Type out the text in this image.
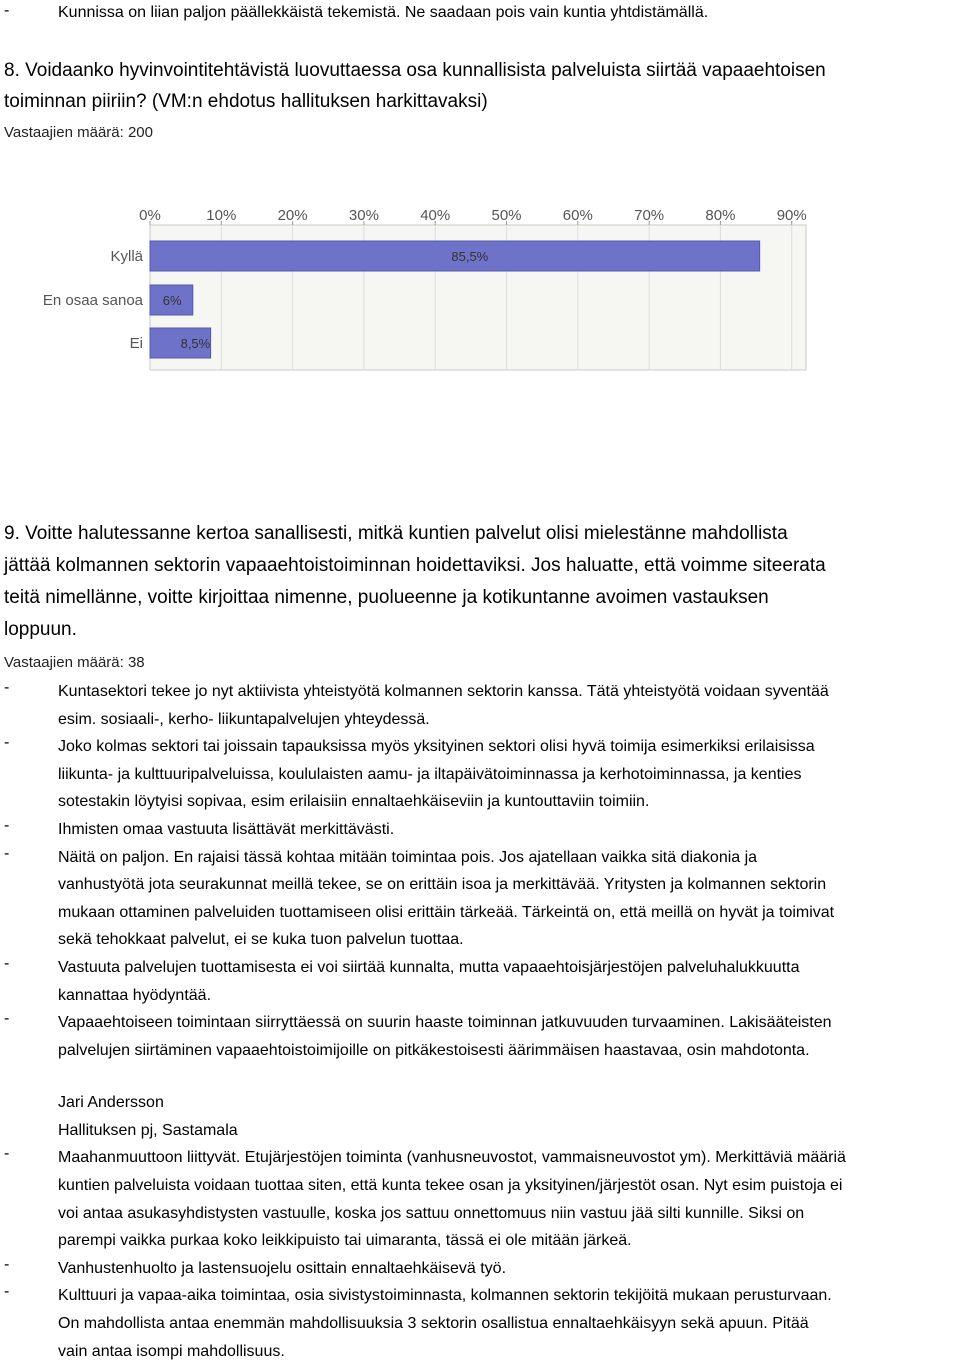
-	Kunnissa on liian paljon päällekkäistä tekemistä. Ne saadaan pois vain kuntia yhtdistämällä.
8. Voidaanko hyvinvointitehtävistä luovuttaessa osa kunnallisista palveluista siirtää vapaaehtoisen
toiminnan piiriin? (VM:n ehdotus hallituksen harkittavaksi)
Vastaajien määrä: 200
0%	10%	20%	30%	40%	50%	60%	70%	80%	90%
Kyllä	85,5%
En osaa sanoa 6%
Ei	8,5%
9. Voitte halutessanne kertoa sanallisesti, mitkä kuntien palvelut olisi mielestänne mahdollista
jättää kolmannen sektorin vapaaehtoistoiminnan hoidettaviksi. Jos haluatte, että voimme siteerata
teitä nimellänne, voitte kirjoittaa nimenne, puolueenne ja kotikuntanne avoimen vastauksen
loppuun.
Vastaajien määrä: 38
-	Kuntasektori tekee jo nyt aktiivista yhteistyötä kolmannen sektorin kanssa. Tätä yhteistyötä voidaan syventää
esim. sosiaali-, kerho- liikuntapalvelujen yhteydessä.
-	Joko kolmas sektori tai joissain tapauksissa myös yksityinen sektori olisi hyvä toimija esimerkiksi erilaisissa
liikunta- ja kulttuuripalveluissa, koululaisten aamu- ja iltapäivätoiminnassa ja kerhotoiminnassa, ja kenties
sotestakin löytyisi sopivaa, esim erilaisiin ennaltaehkäiseviin ja kuntouttaviin toimiin.
-	Ihmisten omaa vastuuta lisättävät merkittävästi.
-	Näitä on paljon. En rajaisi tässä kohtaa mitään toimintaa pois. Jos ajatellaan vaikka sitä diakonia ja
vanhustyötä jota seurakunnat meillä tekee, se on erittäin isoa ja merkittävää. Yritysten ja kolmannen sektorin
mukaan ottaminen palveluiden tuottamiseen olisi erittäin tärkeää. Tärkeintä on, että meillä on hyvät ja toimivat
sekä tehokkaat palvelut, ei se kuka tuon palvelun tuottaa.
-	Vastuuta palvelujen tuottamisesta ei voi siirtää kunnalta, mutta vapaaehtoisjärjestöjen palveluhalukkuutta
kannattaa hyödyntää.
-	Vapaaehtoiseen toimintaan siirryttäessä on suurin haaste toiminnan jatkuvuuden turvaaminen. Lakisääteisten
palvelujen siirtäminen vapaaehtoistoimijoille on pitkäkestoisesti äärimmäisen haastavaa, osin mahdotonta.
Jari Andersson
Hallituksen pj, Sastamala
-	Maahanmuuttoon liittyvät. Etujärjestöjen toiminta (vanhusneuvostot, vammaisneuvostot ym). Merkittäviä määriä
kuntien palveluista voidaan tuottaa siten, että kunta tekee osan ja yksityinen/järjestöt osan. Nyt esim puistoja ei
voi antaa asukasyhdistysten vastuulle, koska jos sattuu onnettomuus niin vastuu jää silti kunnille. Siksi on
parempi vaikka purkaa koko leikkipuisto tai uimaranta, tässä ei ole mitään järkeä.
-	Vanhustenhuolto ja lastensuojelu osittain ennaltaehkäisevä työ.
-	Kulttuuri ja vapaa-aika toimintaa, osia sivistystoiminnasta, kolmannen sektorin tekijöitä mukaan perusturvaan.
On mahdollista antaa enemmän mahdollisuuksia 3 sektorin osallistua ennaltaehkäisyyn sekä apuun. Pitää
vain antaa isompi mahdollisuus.
